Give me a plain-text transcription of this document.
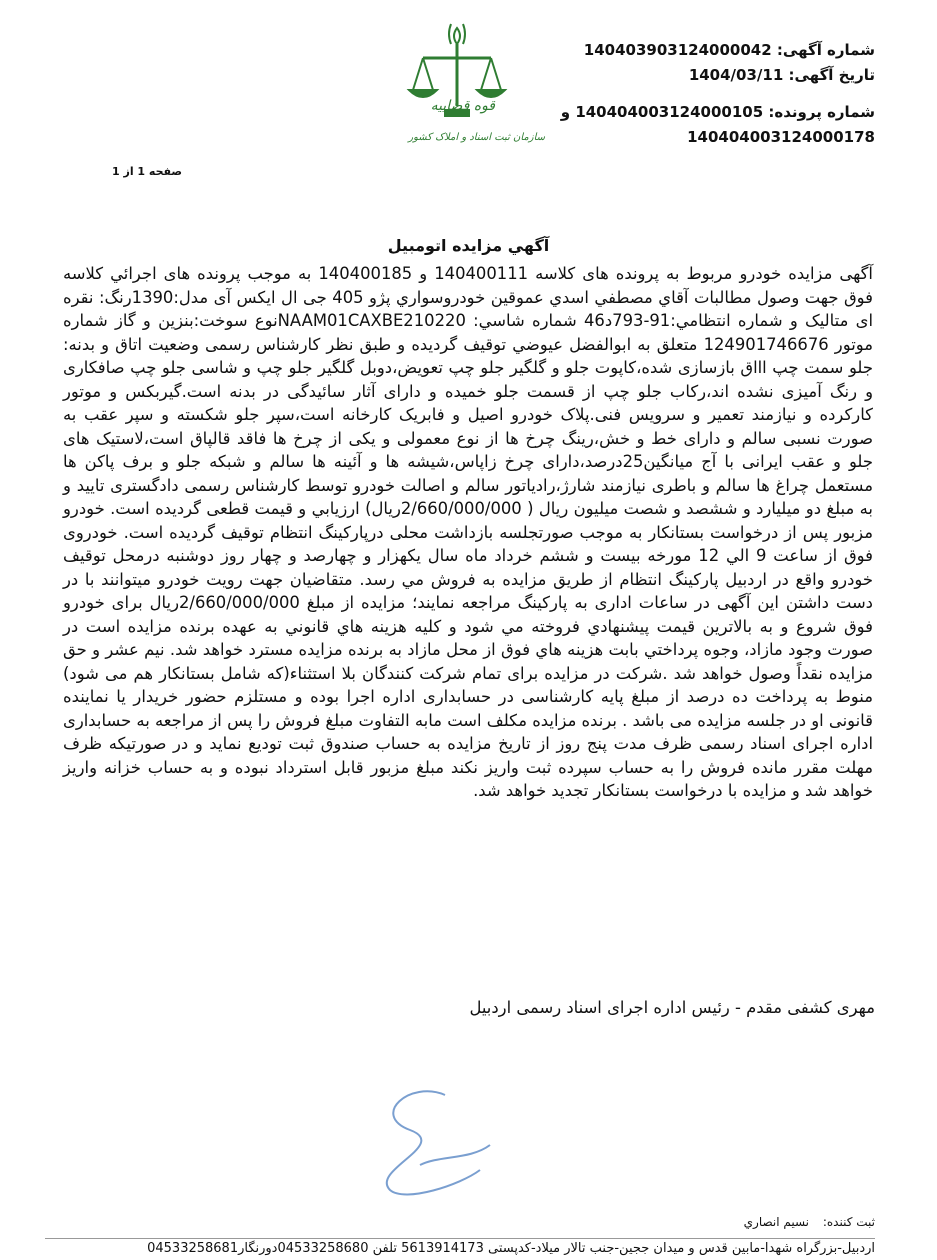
شماره آگهی: 140403903124000042
تاریخ آگهی: 1404/03/11
شماره پرونده: 140404003124000105 و
140404003124000178
قوه قضاییه
سازمان ثبت اسناد و املاک کشور
صفحه 1 از 1
آگهي مزايده اتومبيل

آگهی مزایده خودرو مربوط به پرونده های کلاسه 140400111 و 140400185 به موجب پرونده های اجرائي کلاسه فوق جهت وصول مطالبات آقاي مصطفي اسدي عموقين خودروسواري پژو 405 جی ال ایکس آی مدل:1390رنگ: نقره ای متالیک و شماره انتظامي:91-793د46 شماره شاسي: NAAM01CAXBE210220نوع سوخت:بنزین و گاز شماره موتور 124901746676 متعلق به ابوالفضل عیوضي توقیف گردیده و طبق نظر کارشناس رسمی وضعیت اتاق و بدنه: جلو سمت چپ اااق بازسازی شده،کاپوت جلو و گلگیر جلو چپ تعویض،دوبل گلگیر جلو چپ و شاسی جلو چپ صافکاری و رنگ آمیزی نشده اند،رکاب جلو چپ از قسمت جلو خمیده و دارای آثار سائیدگی در بدنه است.گیربکس و موتور کارکرده و نیازمند تعمیر و سرویس فنی.پلاک خودرو اصیل و فابریک کارخانه است،سپر جلو شکسته و سپر عقب به صورت نسبی سالم و دارای خط و خش،رینگ چرخ ها از نوع معمولی و یکی از چرخ ها فاقد قالپاق است،لاستیک های جلو و عقب ایرانی با آج میانگین25درصد،دارای چرخ زاپاس،شیشه ها و آئینه ها سالم و شبکه جلو و برف پاکن ها مستعمل چراغ ها سالم و باطری نیازمند شارژ،رادیاتور سالم و اصالت خودرو توسط کارشناس رسمی دادگستری تایید و به مبلغ دو میلیارد و ششصد و شصت میلیون ریال ( 2/660/000/000ریال) ارزیابي و قیمت قطعی گردیده است. خودرو مزبور پس از درخواست بستانکار به موجب صورتجلسه بازداشت محلی درپارکینگ انتظام توقیف گردیده است. خودروی فوق از ساعت 9 الي 12 مورخه بیست و ششم خرداد ماه سال یکهزار و چهارصد و چهار روز دوشنبه درمحل توقیف خودرو واقع در اردبیل پارکینگ انتظام از طریق مزایده به فروش مي رسد. متقاضیان جهت رویت خودرو میتوانند با در دست داشتن این آگهی در ساعات اداری به پارکینگ مراجعه نمایند؛ مزایده از مبلغ 2/660/000/000ریال برای خودرو فوق شروع و به بالاترین قیمت پیشنهادي فروخته مي شود و کلیه هزینه هاي قانوني به عهده برنده مزایده است در صورت وجود مازاد، وجوه پرداختي بابت هزینه هاي فوق از محل مازاد به برنده مزایده مسترد خواهد شد. نیم عشر و حق مزایده نقداً وصول خواهد شد .شرکت در مزایده برای تمام شرکت کنندگان بلا استثناء(که شامل بستانکار هم می شود) منوط به پرداخت ده درصد از مبلغ پایه کارشناسی در حسابداری اداره اجرا بوده و مستلزم حضور خریدار یا نماینده قانونی او در جلسه مزایده می باشد . برنده مزایده مکلف است مابه التفاوت مبلغ فروش را پس از مراجعه به حسابداری اداره اجرای اسناد رسمی ظرف مدت پنج روز از تاریخ مزایده به حساب صندوق ثبت توديع نماید و در صورتیکه ظرف مهلت مقرر مانده فروش را به حساب سپرده ثبت واریز نکند مبلغ مزبور قابل استرداد نبوده و به حساب خزانه واریز خواهد شد و مزایده با درخواست بستانکار تجدید خواهد شد.

مهری کشفی مقدم - رئیس اداره اجرای اسناد رسمی اردبیل
ثبت کننده: نسیم انصاري
اردبیل-بزرگراه شهدا-مابین قدس و میدان ججین-جنب تالار میلاد-کدپستی 5613914173 تلفن 04533258680دورنگار04533258681
